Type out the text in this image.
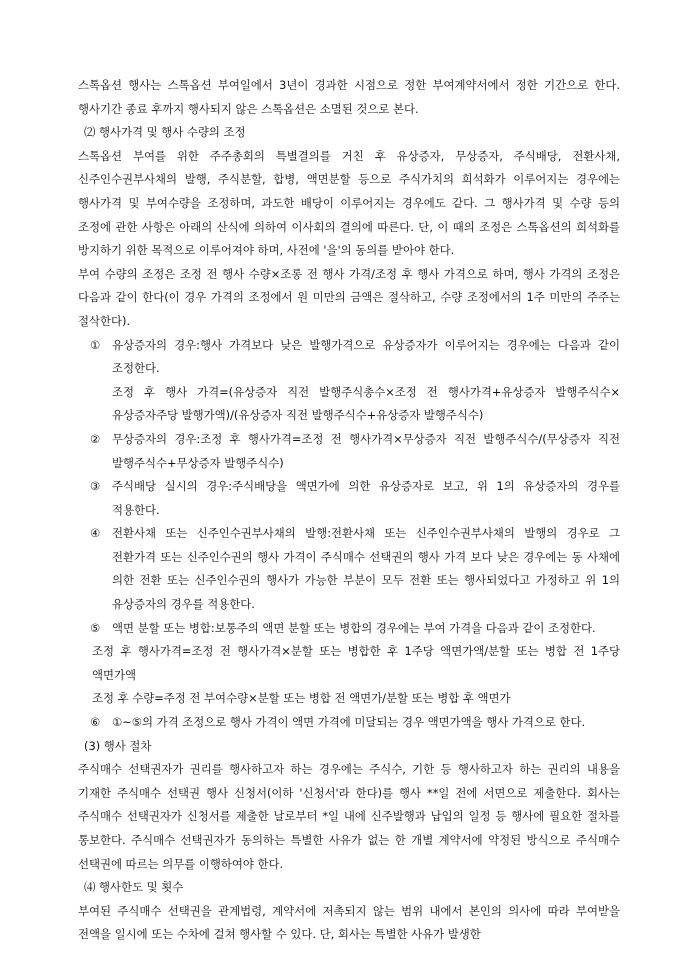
스톡옵션 행사는 스톡옵션 부여일에서 3년이 경과한 시점으로 정한 부여계약서에서 정한 기간으로 한다. 행사기간 종료 후까지 행사되지 않은 스톡옵션은 소멸된 것으로 본다.

⑵ 행사가격 및 행사 수량의 조정

스톡옵션 부여를 위한 주주총회의 특별결의를 거친 후 유상증자, 무상증자, 주식배당, 전환사채, 신주인수권부사채의 발행, 주식분할, 합병, 액면분할 등으로 주식가치의 희석화가 이루어지는 경우에는 행사가격 및 부여수량을 조정하며, 과도한 배당이 이루어지는 경우에도 같다. 그 행사가격 및 수량 등의 조정에 관한 사항은 아래의 산식에 의하여 이사회의 결의에 따른다. 단, 이 때의 조정은 스톡옵션의 희석화를 방지하기 위한 목적으로 이루어져야 하며, 사전에 '을'의 동의를 받아야 한다.

부여 수량의 조정은 조정 전 행사 수량×조롱 전 행사 가격/조정 후 행사 가격으로 하며, 행사 가격의 조정은 다음과 같이 한다(이 경우 가격의 조정에서 원 미만의 금액은 절삭하고, 수량 조정에서의 1주 미만의 주주는 절삭한다).

①	유상증자의 경우:행사 가격보다 낮은 발행가격으로 유상증자가 이루어지는 경우에는 다음과 같이 조정한다.

조정 후 행사 가격=(유상증자 직전 발행주식총수×조정 전 행사가격+유상증자 발행주식수×유상증자주당 발행가액)/(유상증자 직전 발행주식수+유상증자 발행주식수)

②	무상증자의 경우:조정 후 행사가격=조정 전 행사가격×무상증자 직전 발행주식수/(무상증자 직전 발행주식수+무상증자 발행주식수)

③	주식배당 실시의 경우:주식배당을 액면가에 의한 유상증자로 보고, 위 1의 유상증자의 경우를 적용한다.

④	전환사채 또는 신주인수권부사채의 발행:전환사채 또는 신주인수권부사채의 발행의 경우로 그 전환가격 또는 신주인수권의 행사 가격이 주식매수 선택권의 행사 가격 보다 낮은 경우에는 동 사채에 의한 전환 또는 신주인수권의 행사가 가능한 부분이 모두 전환 또는 행사되었다고 가정하고 위 1의 유상증자의 경우를 적용한다.

⑤	액면 분할 또는 병합:보통주의 액면 분할 또는 병합의 경우에는 부여 가격을 다음과 같이 조정한다.

조정 후 행사가격=조정 전 행사가격×분할 또는 병합한 후 1주당 액면가액/분할 또는 병합 전 1주당 액면가액

조정 후 수량=주정 전 부여수량×분할 또는 병합 전 액면가/분할 또는 병합 후 액면가

⑥	①~⑤의 가격 조정으로 행사 가격이 액면 가격에 미달되는 경우 액면가액을 행사 가격으로 한다.

(3) 행사 절차

주식매수 선택권자가 권리를 행사하고자 하는 경우에는 주식수, 기한 등 행사하고자 하는 권리의 내용을 기재한 주식매수 선택권 행사 신청서(이하 '신청서'라 한다)를 행사 **일 전에 서면으로 제출한다. 회사는 주식매수 선택권자가 신청서를 제출한 날로부터 *일 내에 신주발행과 납입의 일정 등 행사에 필요한 절차를 통보한다. 주식매수 선택권자가 동의하는 특별한 사유가 없는 한 개별 계약서에 약정된 방식으로 주식매수 선택권에 따르는 의무를 이행하여야 한다.

⑷ 행사한도 및 횟수

부여된 주식매수 선택권을 관계법령, 계약서에 저촉되지 않는 범위 내에서 본인의 의사에 따라 부여받을 전액을 일시에 또는 수차에 걸쳐 행사할 수 있다. 단, 회사는 특별한 사유가 발생한
